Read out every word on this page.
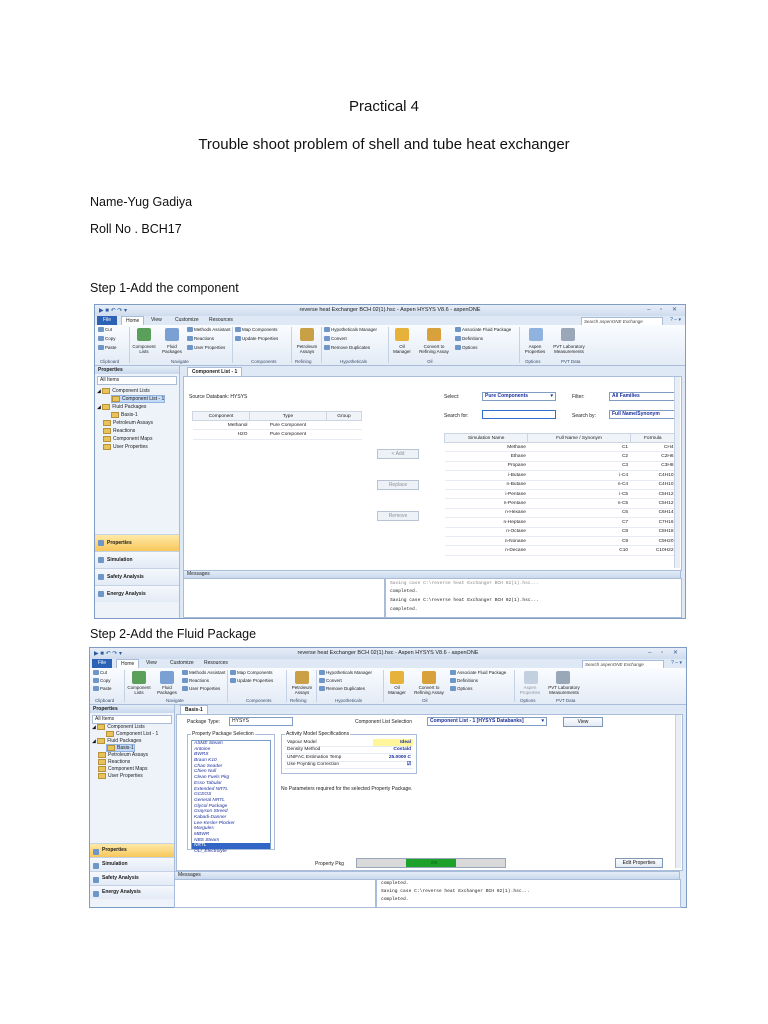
Practical 4
Trouble shoot problem of shell and tube heat exchanger
Name-Yug Gadiya
Roll No . BCH17
Step 1-Add the component
Step 2-Add the Fluid Package
▶ ■ ↶ ↷ ▾	reverse heat Exchanger BCH 02(1).hsc - Aspen HYSYS V8.6 - aspenONE	– ▫ ✕
File	Home	View	Customize	Resources	Search aspenONE Exchange	? – ▾
Cut
Copy
Paste
Clipboard
Component Lists
Fluid Packages
Methods Assistant
Reactions
User Properties
Navigate
Map Components
Update Properties
Components
Petroleum Assays
Refining
Hypotheticals Manager
Convert
Remove Duplicates
Hypotheticals
Oil Manager
Convert to Refining Assay
Oil
Associate Fluid Package
Definitions
Options	Aspen Properties
Options
PVT Laboratory Measurements
PVT Data
Properties
All Items
◢ Component Lists
Component List - 1
◢ Fluid Packages
Basis-1
Petroleum Assays
Reactions
Component Maps
User Properties
Properties
Simulation
Safety Analysis
Energy Analysis
Component List - 1
Source Databank: HYSYS
Component	Type	Group
Methanol	Pure Component	
H2O	Pure Component	
< Add
Replace
Remove
Select:	Pure Components	▾	Filter:	All Families
Search for:	Search by:	Full Name/Synonym
Simulation Name	Full Name / Synonym	Formula
Methane	C1	CH4
Ethane	C2	C2H6
Propane	C3	C3H8
i-Butane	i-C4	C4H10
n-Butane	n-C4	C4H10
i-Pentane	i-C5	C5H12
n-Pentane	n-C5	C5H12
n-Hexane	C6	C6H14
n-Heptane	C7	C7H16
n-Octane	C8	C8H18
n-Nonane	C9	C9H20
n-Decane	C10	C10H22
Messages
Saving case C:\reverse heat Exchanger BCH 02(1).hsc...
completed.
Saving case C:\reverse heat Exchanger BCH 02(1).hsc...
completed.
▶ ■ ↶ ↷ ▾	reverse heat Exchanger BCH 02(1).hsc - Aspen HYSYS V8.6 - aspenONE	– ▫ ✕
File	Home	View	Customize	Resources	Search aspenONE Exchange	? – ▾
Cut
Copy
Paste
Clipboard
Component Lists
Fluid Packages
Methods Assistant
Reactions
User Properties
Navigate
Map Components
Update Properties
Components
Petroleum Assays
Refining
Hypotheticals Manager
Convert
Remove Duplicates
Hypotheticals
Oil Manager
Convert to Refining Assay
Oil
Associate Fluid Package
Definitions
Options	Aspen Properties
Options
PVT Laboratory Measurements
PVT Data
Properties
All Items
◢ Component Lists
Component List - 1
◢ Fluid Packages
Basis-1
Petroleum Assays
Reactions
Component Maps
User Properties
Properties
Simulation
Safety Analysis
Energy Analysis
Basis-1
Package Type:	HYSYS	Component List Selection	Component List - 1 [HYSYS Databanks]	▾	View
Property Package Selection
ASME Steam
Antoine
BWRS
Braun K10
Chao Seader
Chien Null
Clean Fuels Pkg
Esso Tabular
Extended NRTL
GCEOS
General NRTL
Glycol Package
Grayson Streed
Kabadi-Danner
Lee-Kesler-Plocker
Margules
MBWR
NBS Steam
NRTL
OLI_Electrolyte
Activity Model Specifications
Vapour Model	Ideal
Density Method	Costald
UNIFAC Estimation Temp	25.0000 C
Use Poynting Correction	☑
No Parameters required for the selected Property Package.
Property Pkg	OK	Edit Properties
Messages
completed.
Saving case C:\reverse heat Exchanger BCH 02(1).hsc...
completed.
